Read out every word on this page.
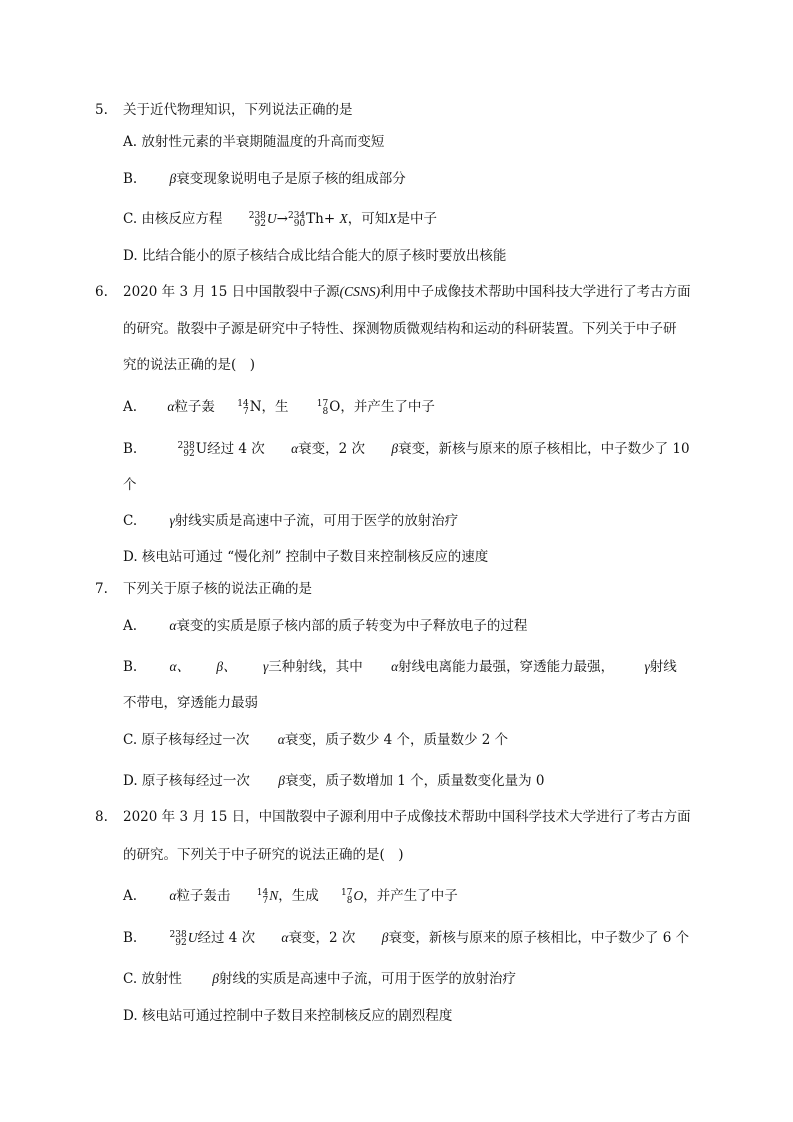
5. 关于近代物理知识，下列说法正确的是
A. 放射性元素的半衰期随温度的升高而变短
B. β衰变现象说明电子是原子核的组成部分
C. 由核反应方程	238
92 U→ 234
90 Th+ X，可知X是中子
D. 比结合能小的原子核结合成比结合能大的原子核时要放出核能
6. 2020 年 3 月 15 日中国散裂中子源(CSNS)利用中子成像技术帮助中国科技大学进行了考古方面
的研究。散裂中子源是研究中子特性、探测物质微观结构和运动的科研装置。下列关于中子研
究的说法正确的是(　)
A. α粒子轰 14
7 N，生	17
8 O，并产生了中子
B.	238
92 U经过 4 次 α衰变，2 次 β衰变，新核与原来的原子核相比，中子数少了 10
个
C. γ射线实质是高速中子流，可用于医学的放射治疗
D. 核电站可通过 “慢化剂” 控制中子数目来控制核反应的速度
7. 下列关于原子核的说法正确的是
A. α衰变的实质是原子核内部的质子转变为中子释放电子的过程
B. α、 β、 γ三种射线，其中 α射线电离能力最强，穿透能力最强， γ射线
不带电，穿透能力最弱
C. 原子核每经过一次 α衰变，质子数少 4 个，质量数少 2 个
D. 原子核每经过一次 β衰变，质子数增加 1 个，质量数变化量为 0
8. 2020 年 3 月 15 日，中国散裂中子源利用中子成像技术帮助中国科学技术大学进行了考古方面
的研究。下列关于中子研究的说法正确的是(　)
A. α粒子轰击	14
7 N，生成 17
8 O，并产生了中子
B.	238
92 U经过 4 次 α衰变，2 次 β衰变，新核与原来的原子核相比，中子数少了 6 个
C. 放射性 β射线的实质是高速中子流，可用于医学的放射治疗
D. 核电站可通过控制中子数目来控制核反应的剧烈程度
